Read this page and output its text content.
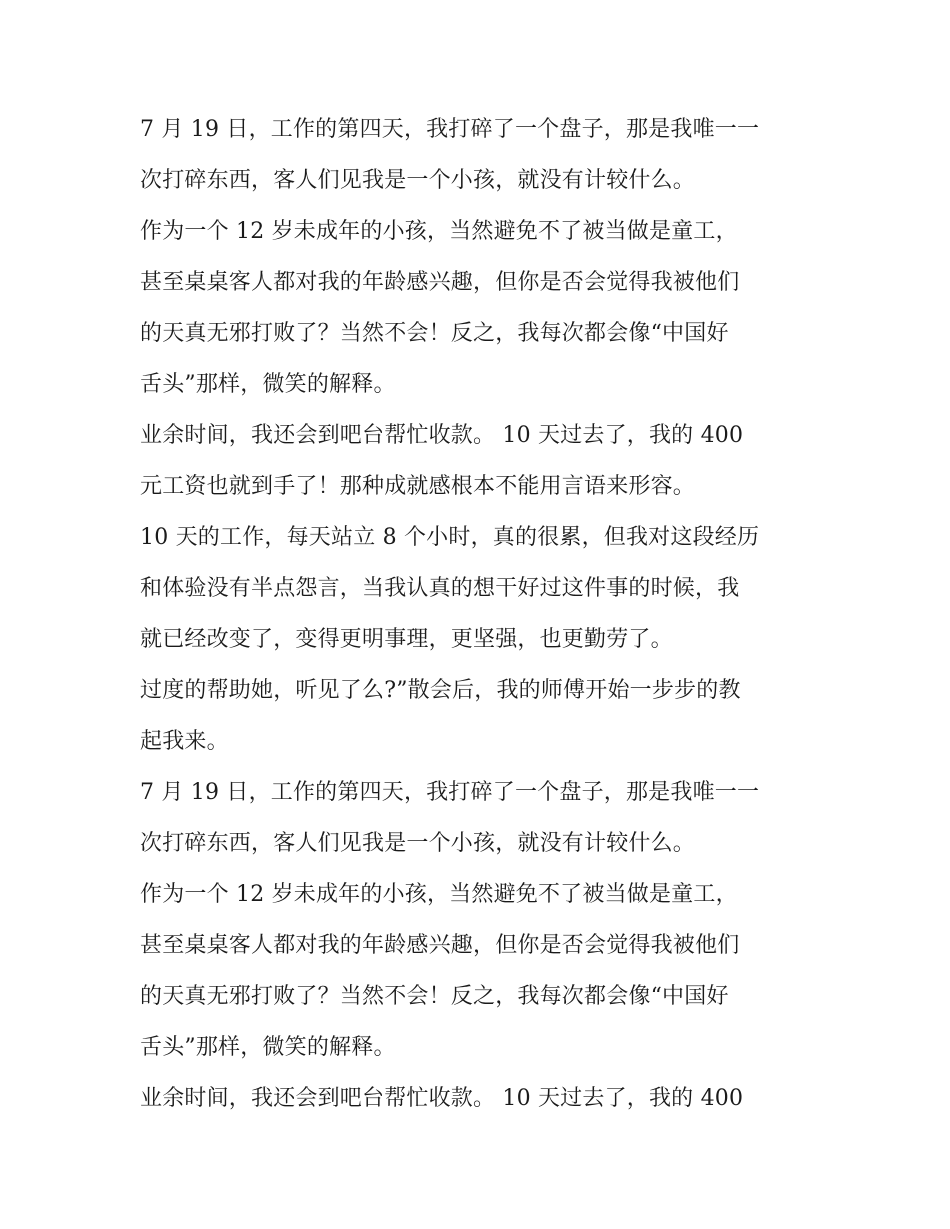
7 月 19 日，工作的第四天，我打碎了一个盘子，那是我唯一一
次打碎东西，客人们见我是一个小孩，就没有计较什么。
作为一个 12 岁未成年的小孩，当然避免不了被当做是童工，
甚至桌桌客人都对我的年龄感兴趣，但你是否会觉得我被他们
的天真无邪打败了？当然不会！反之，我每次都会像“中国好
舌头”那样，微笑的解释。
业余时间，我还会到吧台帮忙收款。 10 天过去了，我的 400
元工资也就到手了！那种成就感根本不能用言语来形容。
10 天的工作，每天站立 8 个小时，真的很累，但我对这段经历
和体验没有半点怨言，当我认真的想干好过这件事的时候，我
就已经改变了，变得更明事理，更坚强，也更勤劳了。
过度的帮助她，听见了么?”散会后，我的师傅开始一步步的教
起我来。
7 月 19 日，工作的第四天，我打碎了一个盘子，那是我唯一一
次打碎东西，客人们见我是一个小孩，就没有计较什么。
作为一个 12 岁未成年的小孩，当然避免不了被当做是童工，
甚至桌桌客人都对我的年龄感兴趣，但你是否会觉得我被他们
的天真无邪打败了？当然不会！反之，我每次都会像“中国好
舌头”那样，微笑的解释。
业余时间，我还会到吧台帮忙收款。 10 天过去了，我的 400
